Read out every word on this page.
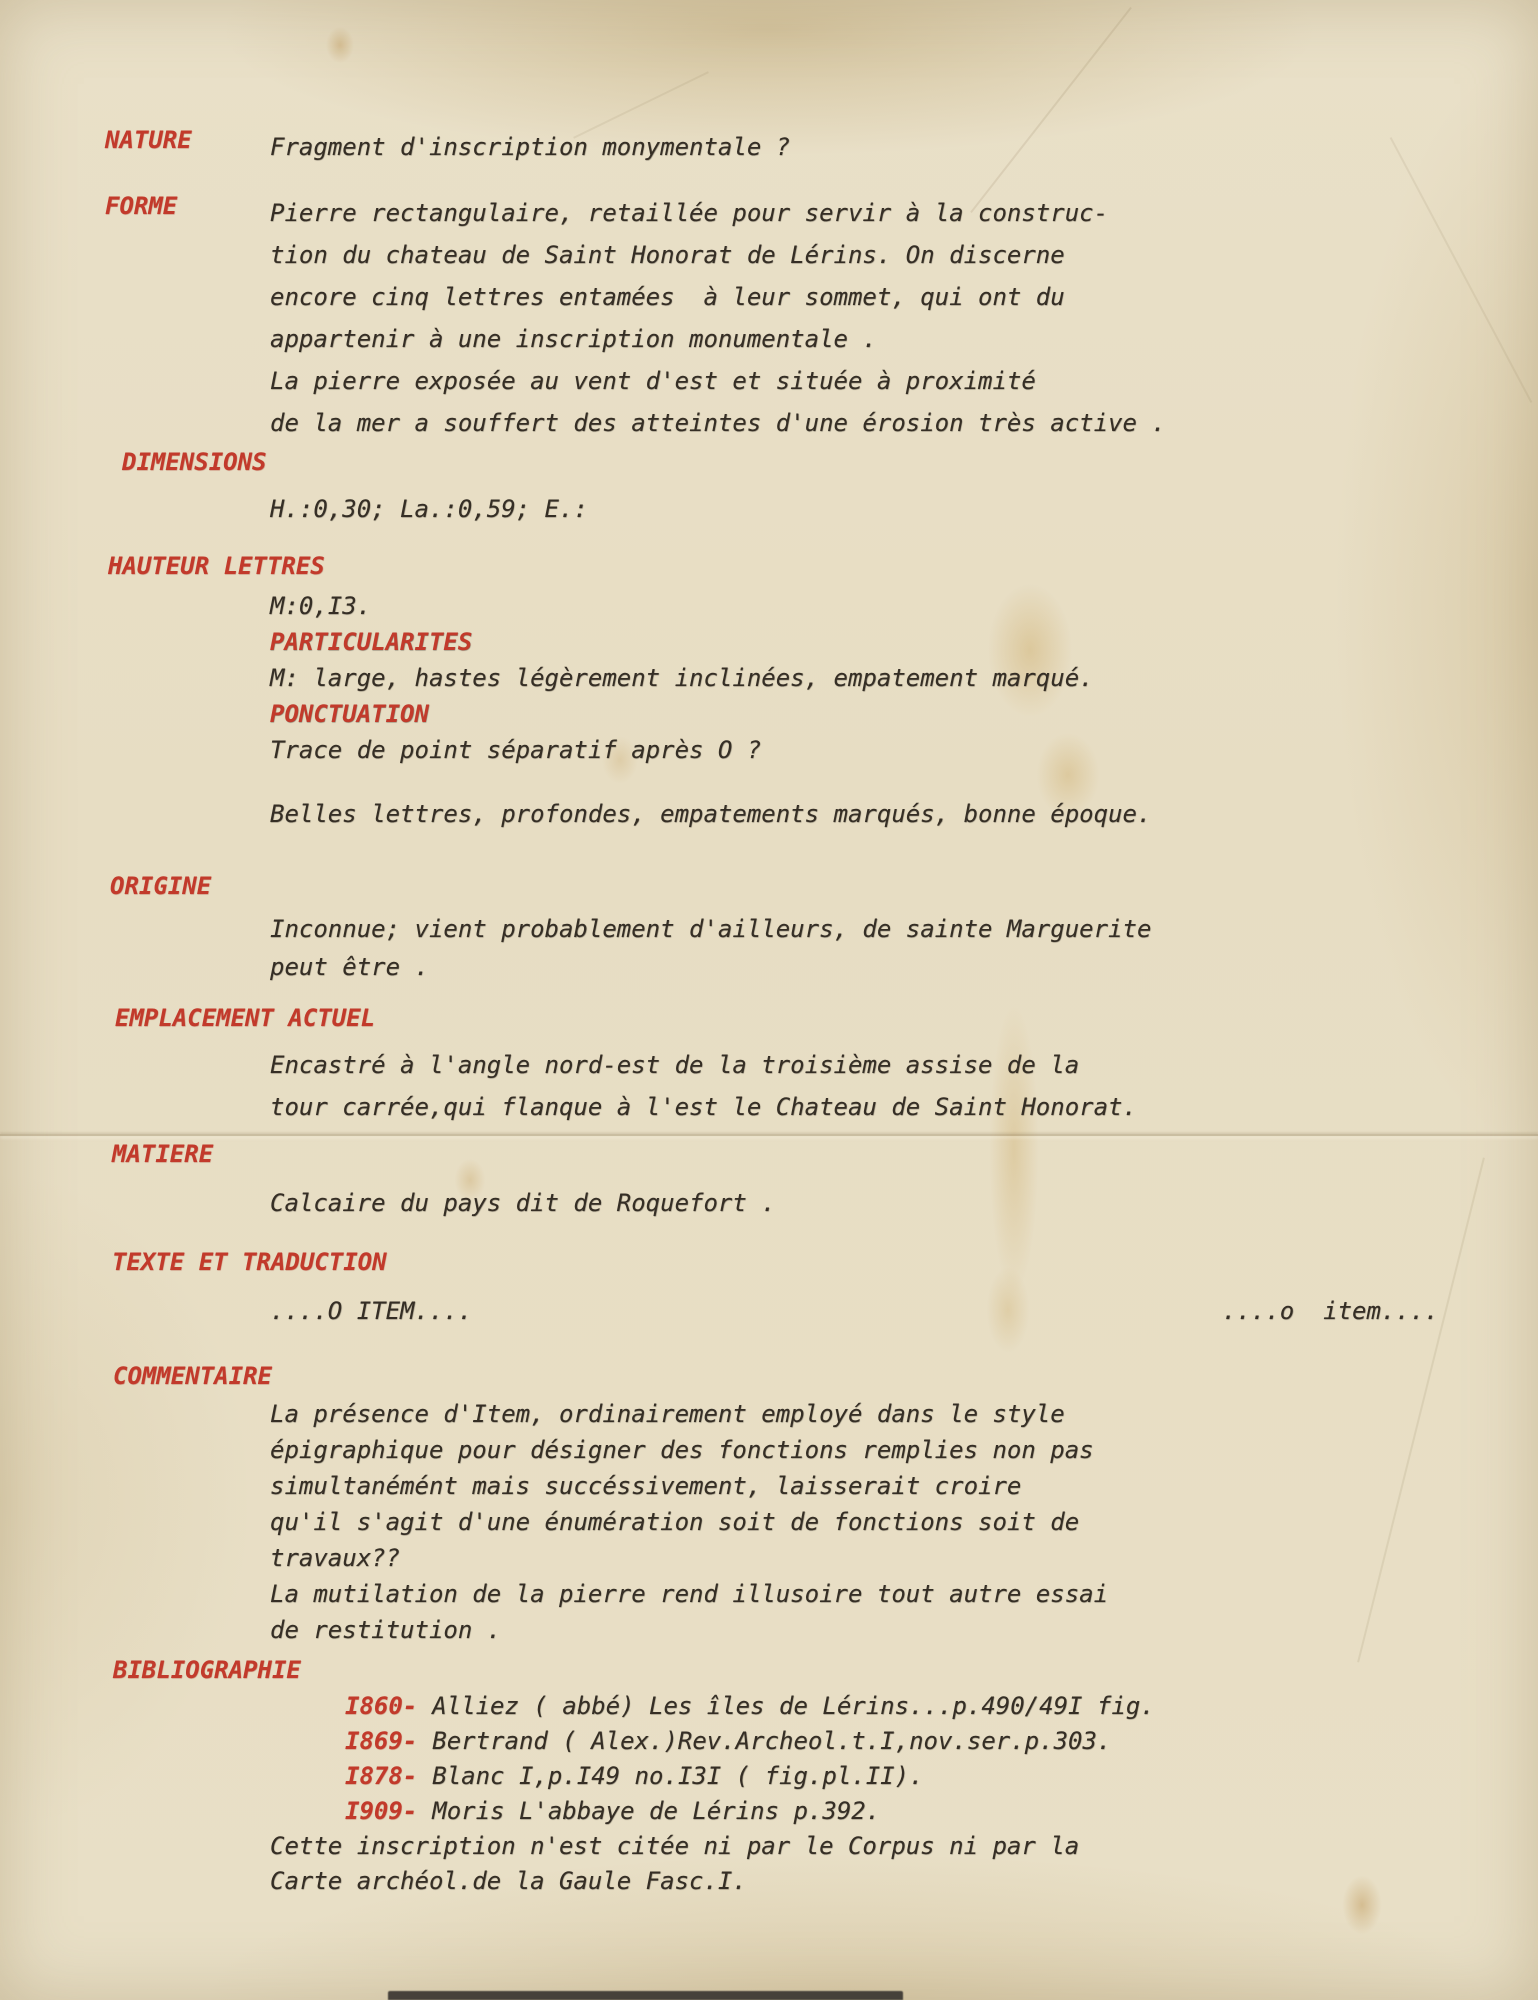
NATURE	Fragment d'inscription monymentale ?
FORME	Pierre rectangulaire, retaillée pour servir à la construc-
tion du chateau de Saint Honorat de Lérins. On discerne
encore cinq lettres entamées  à leur sommet, qui ont du
appartenir à une inscription monumentale .
La pierre exposée au vent d'est et située à proximité
de la mer a souffert des atteintes d'une érosion très active .
DIMENSIONS
H.:0,30; La.:0,59; E.:
HAUTEUR LETTRES
M:0,I3.
PARTICULARITES
M: large, hastes légèrement inclinées, empatement marqué.
PONCTUATION
Trace de point séparatif après O ?
Belles lettres, profondes, empatements marqués, bonne époque.
ORIGINE
Inconnue; vient probablement d'ailleurs, de sainte Marguerite
peut être .
EMPLACEMENT ACTUEL
Encastré à l'angle nord-est de la troisième assise de la
tour carrée,qui flanque à l'est le Chateau de Saint Honorat.
MATIERE
Calcaire du pays dit de Roquefort .
TEXTE ET TRADUCTION
....O ITEM....	....o  item....
COMMENTAIRE
La présence d'Item, ordinairement employé dans le style
épigraphique pour désigner des fonctions remplies non pas
simultanémént mais succéssivement, laisserait croire
qu'il s'agit d'une énumération soit de fonctions soit de
travaux??
La mutilation de la pierre rend illusoire tout autre essai
de restitution .
BIBLIOGRAPHIE
I860- Alliez ( abbé) Les îles de Lérins...p.490/49I fig.
I869- Bertrand ( Alex.)Rev.Archeol.t.I,nov.ser.p.303.
I878- Blanc I,p.I49 no.I3I ( fig.pl.II).
I909- Moris L'abbaye de Lérins p.392.
Cette inscription n'est citée ni par le Corpus ni par la
Carte archéol.de la Gaule Fasc.I.
